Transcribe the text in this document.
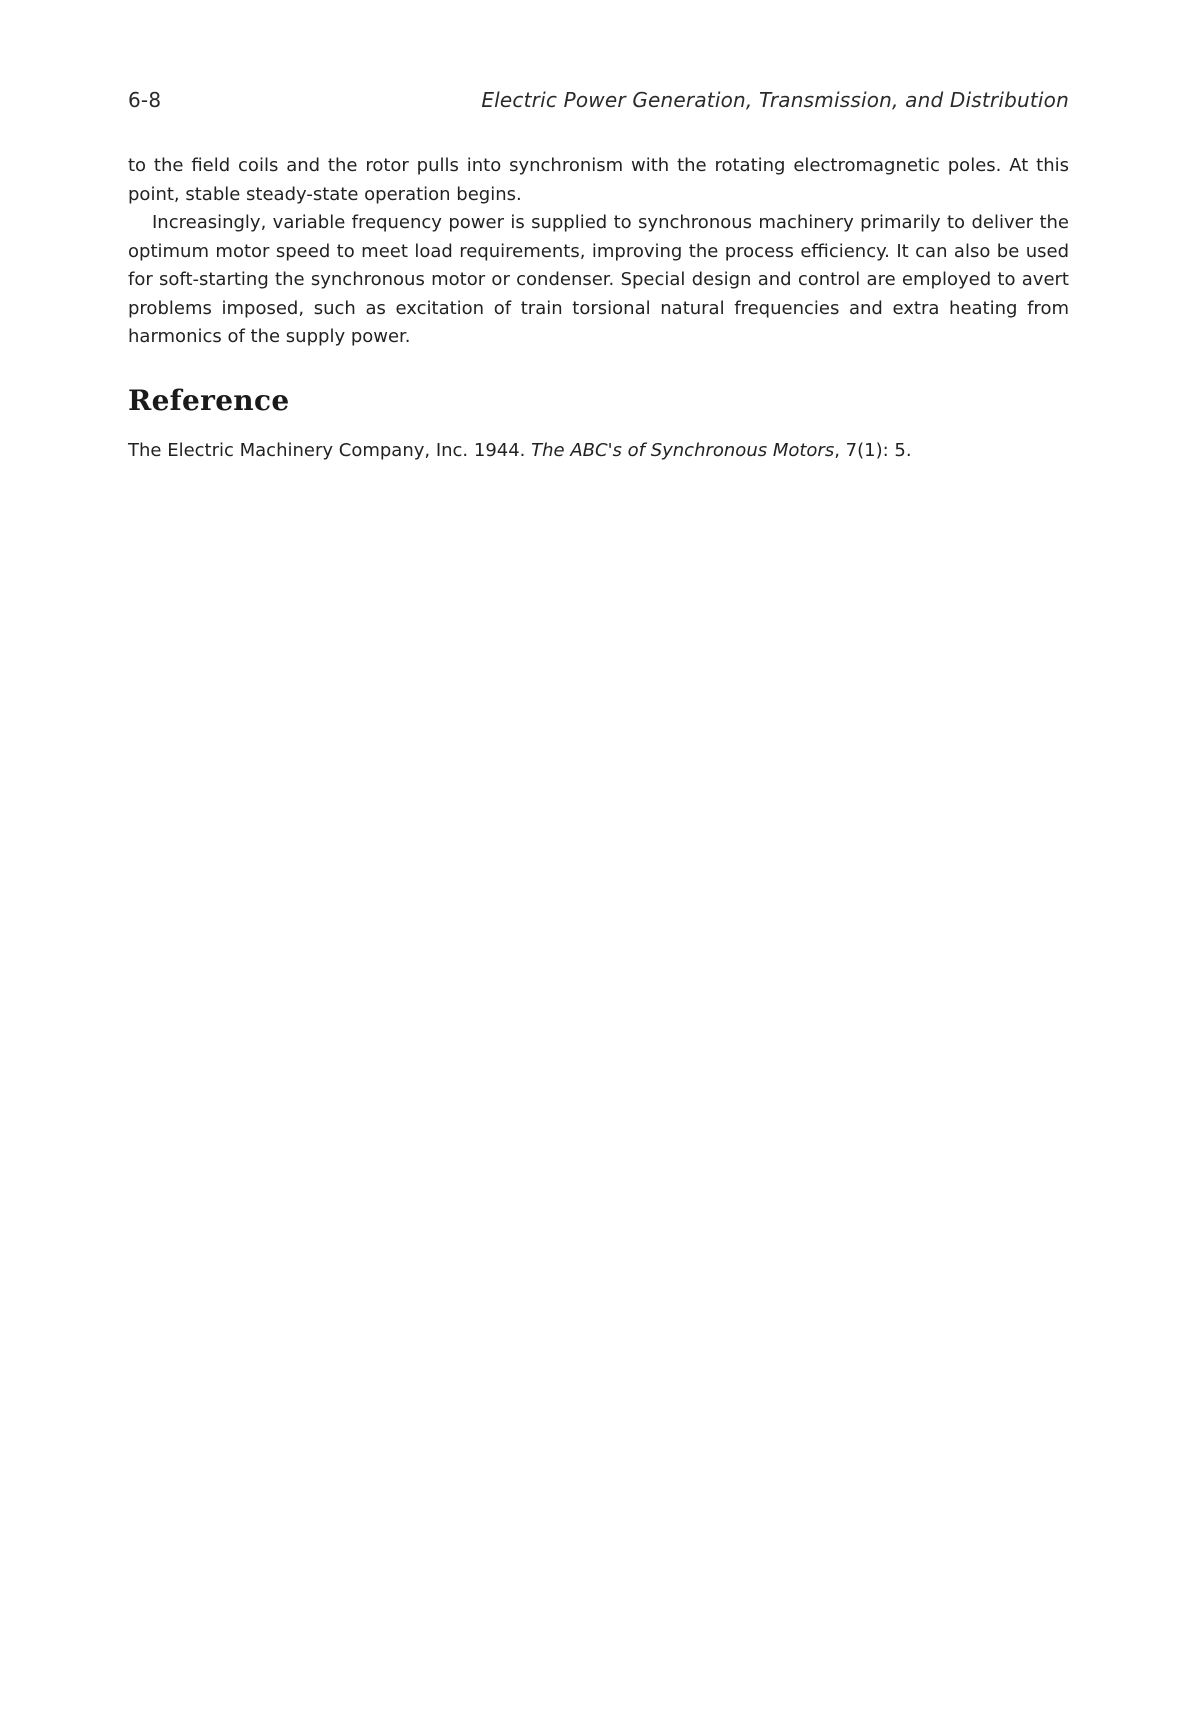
6-8	Electric Power Generation, Transmission, and Distribution

to the field coils and the rotor pulls into synchronism with the rotating electromagnetic poles. At this point, stable steady-state operation begins.

Increasingly, variable frequency power is supplied to synchronous machinery primarily to deliver the optimum motor speed to meet load requirements, improving the process efficiency. It can also be used for soft-starting the synchronous motor or condenser. Special design and control are employed to avert problems imposed, such as excitation of train torsional natural frequencies and extra heating from harmonics of the supply power.

Reference
The Electric Machinery Company, Inc. 1944. The ABC's of Synchronous Motors, 7(1): 5.
